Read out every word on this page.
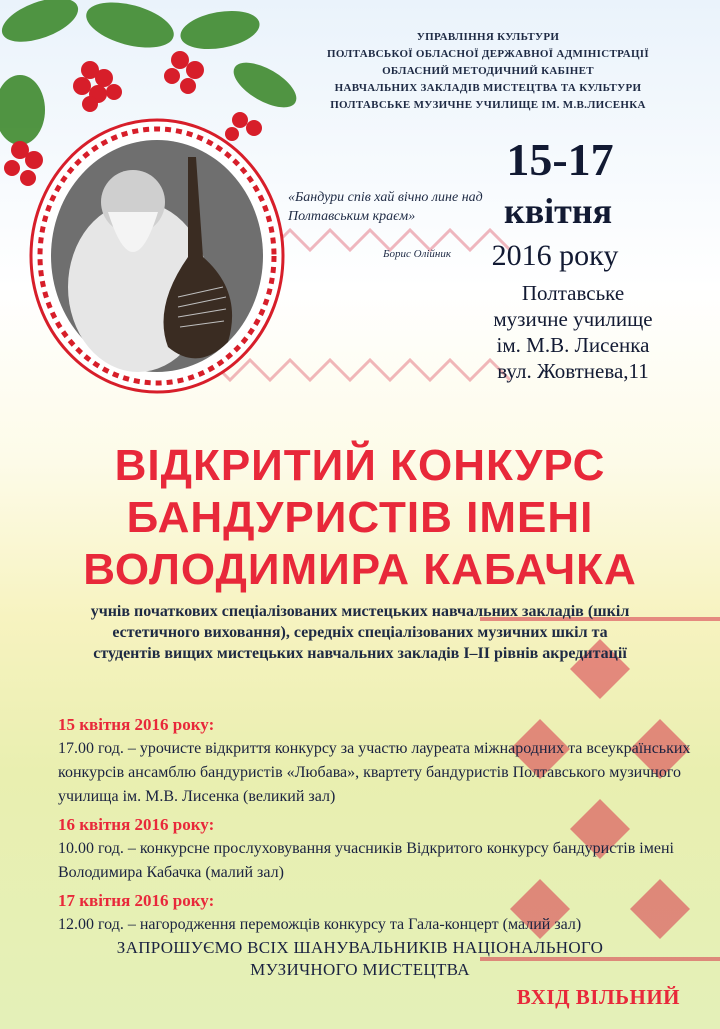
УПРАВЛІННЯ КУЛЬТУРИ
ПОЛТАВСЬКОЇ ОБЛАСНОЇ ДЕРЖАВНОЇ АДМІНІСТРАЦІЇ
ОБЛАСНИЙ МЕТОДИЧНИЙ КАБІНЕТ
НАВЧАЛЬНИХ ЗАКЛАДІВ МИСТЕЦТВА ТА КУЛЬТУРИ
ПОЛТАВСЬКЕ МУЗИЧНЕ УЧИЛИЩЕ ІМ. М.В.ЛИСЕНКА
«Бандури спів хай вічно лине над Полтавським краєм»
Борис Олійник
15-17
квітня
2016 року
Полтавське
музичне училище
ім. М.В. Лисенка
вул. Жовтнева,11
ВІДКРИТИЙ КОНКУРС
БАНДУРИСТІВ ІМЕНІ
ВОЛОДИМИРА КАБАЧКА
учнів початкових спеціалізованих мистецьких навчальних закладів (шкіл естетичного виховання), середніх спеціалізованих музичних шкіл та студентів вищих мистецьких навчальних закладів I–II рівнів акредитації
15 квітня 2016 року:
17.00 год. – урочисте відкриття конкурсу за участю лауреата міжнародних та всеукраїнських конкурсів ансамблю бандуристів «Любава», квартету бандуристів Полтавського музичного училища ім. М.В. Лисенка (великий зал)
16 квітня 2016 року:
10.00 год. – конкурсне прослуховування учасників Відкритого конкурсу бандуристів імені Володимира Кабачка (малий зал)
17 квітня 2016 року:
12.00 год. – нагородження переможців конкурсу та Гала-концерт (малий зал)
ЗАПРОШУЄМО ВСІХ ШАНУВАЛЬНИКІВ НАЦІОНАЛЬНОГО
МУЗИЧНОГО МИСТЕЦТВА
ВХІД ВІЛЬНИЙ
